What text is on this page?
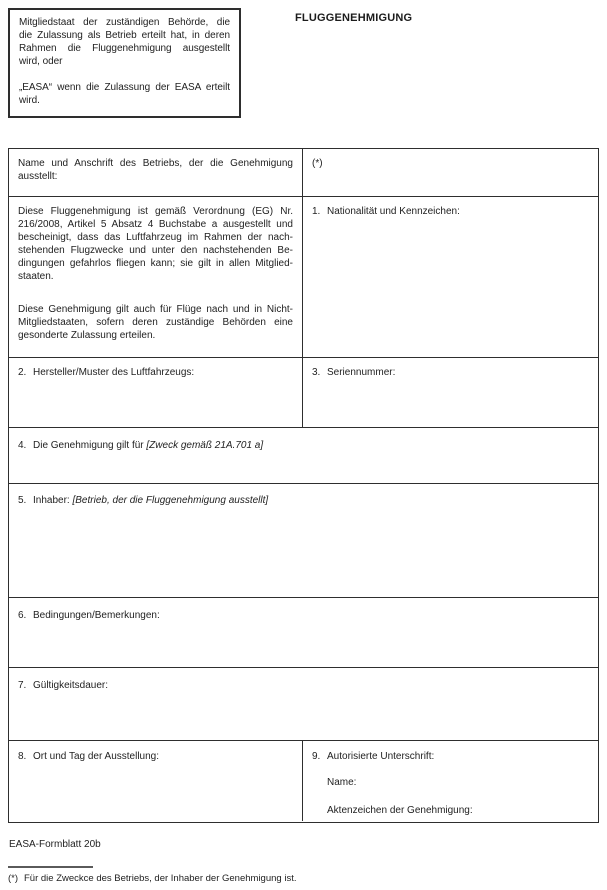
Mitgliedstaat der zuständigen Behörde, die
die Zulassung als Betrieb erteilt hat, in deren
Rahmen die Fluggenehmigung ausgestellt
wird, oder
„EASA“ wenn die Zulassung der EASA erteilt
wird.
FLUGGENEHMIGUNG
Name und Anschrift des Betriebs, der die Genehmigung
ausstellt:
(*)
Diese Fluggenehmigung ist gemäß Verordnung (EG) Nr.
216/2008, Artikel 5 Absatz 4 Buchstabe a ausgestellt und
bescheinigt, dass das Luftfahrzeug im Rahmen der nach-
stehenden Flugzwecke und unter den nachstehenden Be-
dingungen gefahrlos fliegen kann; sie gilt in allen Mitglied-
staaten.
Diese Genehmigung gilt auch für Flüge nach und in Nicht-
Mitgliedstaaten, sofern deren zuständige Behörden eine
gesonderte Zulassung erteilen.
1. Nationalität und Kennzeichen:
2. Hersteller/Muster des Luftfahrzeugs:	3. Seriennummer:
4. Die Genehmigung gilt für [Zweck gemäß 21A.701 a]
5. Inhaber: [Betrieb, der die Fluggenehmigung ausstellt]
6. Bedingungen/Bemerkungen:
7. Gültigkeitsdauer:
8. Ort und Tag der Ausstellung:	9. Autorisierte Unterschrift:
Name:
Aktenzeichen der Genehmigung:
EASA-Formblatt 20b
(*) Für die Zweckce des Betriebs, der Inhaber der Genehmigung ist.
